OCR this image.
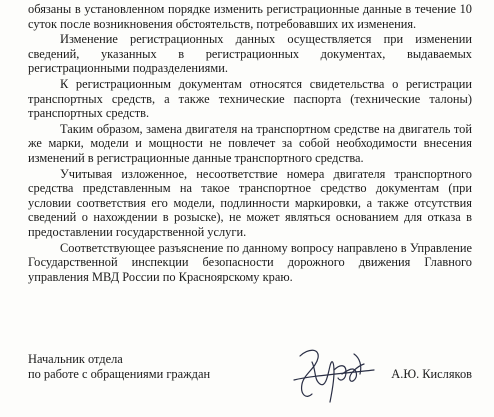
обязаны в установленном порядке изменить регистрационные данные в течение 10 суток после возникновения обстоятельств, потребовавших их изменения.

Изменение регистрационных данных осуществляется при изменении сведений, указанных в регистрационных документах, выдаваемых регистрационными подразделениями.

К регистрационным документам относятся свидетельства о регистрации транспортных средств, а также технические паспорта (технические талоны) транспортных средств.

Таким образом, замена двигателя на транспортном средстве на двигатель той же марки, модели и мощности не повлечет за собой необходимости внесения изменений в регистрационные данные транспортного средства.

Учитывая изложенное, несоответствие номера двигателя транспортного средства представленным на такое транспортное средство документам (при условии соответствия его модели, подлинности маркировки, а также отсутствия сведений о нахождении в розыске), не может являться основанием для отказа в предоставлении государственной услуги.

Соответствующее разъяснение по данному вопросу направлено в Управление Государственной инспекции безопасности дорожного движения Главного управления МВД России по Красноярскому краю.

Начальник отдела
по работе с обращениями граждан	А.Ю. Кисляков
